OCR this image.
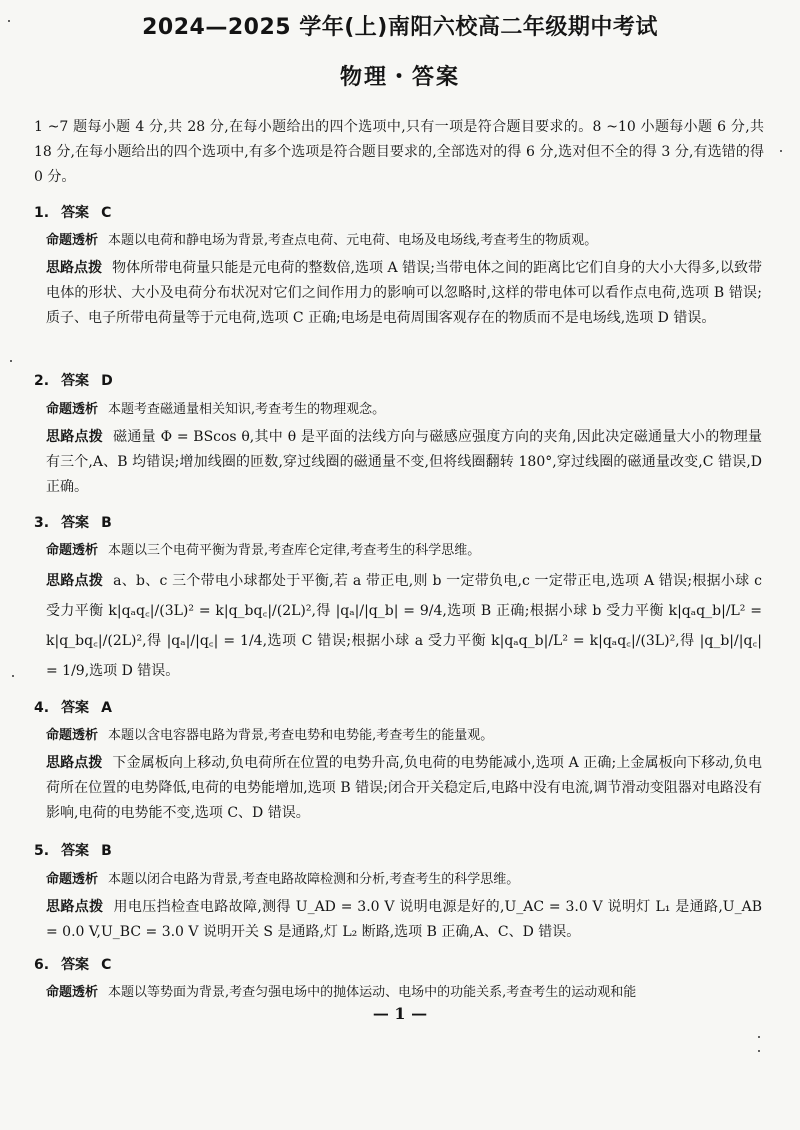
2024—2025 学年(上)南阳六校高二年级期中考试
物理・答案
1 ~7 题每小题 4 分,共 28 分,在每小题给出的四个选项中,只有一项是符合题目要求的。8 ~10 小题每小题 6 分,共 18 分,在每小题给出的四个选项中,有多个选项是符合题目要求的,全部选对的得 6 分,选对但不全的得 3 分,有选错的得 0 分。
1. 答案 C
命题透析 本题以电荷和静电场为背景,考查点电荷、元电荷、电场及电场线,考查考生的物质观。
思路点拨 物体所带电荷量只能是元电荷的整数倍,选项 A 错误;当带电体之间的距离比它们自身的大小大得多,以致带电体的形状、大小及电荷分布状况对它们之间作用力的影响可以忽略时,这样的带电体可以看作点电荷,选项 B 错误;质子、电子所带电荷量等于元电荷,选项 C 正确;电场是电荷周围客观存在的物质而不是电场线,选项 D 错误。
2. 答案 D
命题透析 本题考查磁通量相关知识,考查考生的物理观念。
思路点拨 磁通量 Φ = BScos θ,其中 θ 是平面的法线方向与磁感应强度方向的夹角,因此决定磁通量大小的物理量有三个,A、B 均错误;增加线圈的匝数,穿过线圈的磁通量不变,但将线圈翻转 180°,穿过线圈的磁通量改变,C 错误,D 正确。
3. 答案 B
命题透析 本题以三个电荷平衡为背景,考查库仑定律,考查考生的科学思维。
思路点拨 a、b、c 三个带电小球都处于平衡,若 a 带正电,则 b 一定带负电,c 一定带正电,选项 A 错误;根据小球 c 受力平衡 k|qₐq꜀|/(3L)² = k|q_bq꜀|/(2L)²,得 |qₐ|/|q_b| = 9/4,选项 B 正确;根据小球 b 受力平衡 k|qₐq_b|/L² = k|q_bq꜀|/(2L)²,得 |qₐ|/|q꜀| = 1/4,选项 C 错误;根据小球 a 受力平衡 k|qₐq_b|/L² = k|qₐq꜀|/(3L)²,得 |q_b|/|q꜀| = 1/9,选项 D 错误。
4. 答案 A
命题透析 本题以含电容器电路为背景,考查电势和电势能,考查考生的能量观。
思路点拨 下金属板向上移动,负电荷所在位置的电势升高,负电荷的电势能减小,选项 A 正确;上金属板向下移动,负电荷所在位置的电势降低,电荷的电势能增加,选项 B 错误;闭合开关稳定后,电路中没有电流,调节滑动变阻器对电路没有影响,电荷的电势能不变,选项 C、D 错误。
5. 答案 B
命题透析 本题以闭合电路为背景,考查电路故障检测和分析,考查考生的科学思维。
思路点拨 用电压挡检查电路故障,测得 U_AD = 3.0 V 说明电源是好的,U_AC = 3.0 V 说明灯 L₁ 是通路,U_AB = 0.0 V,U_BC = 3.0 V 说明开关 S 是通路,灯 L₂ 断路,选项 B 正确,A、C、D 错误。
6. 答案 C
命题透析 本题以等势面为背景,考查匀强电场中的抛体运动、电场中的功能关系,考查考生的运动观和能
— 1 —
